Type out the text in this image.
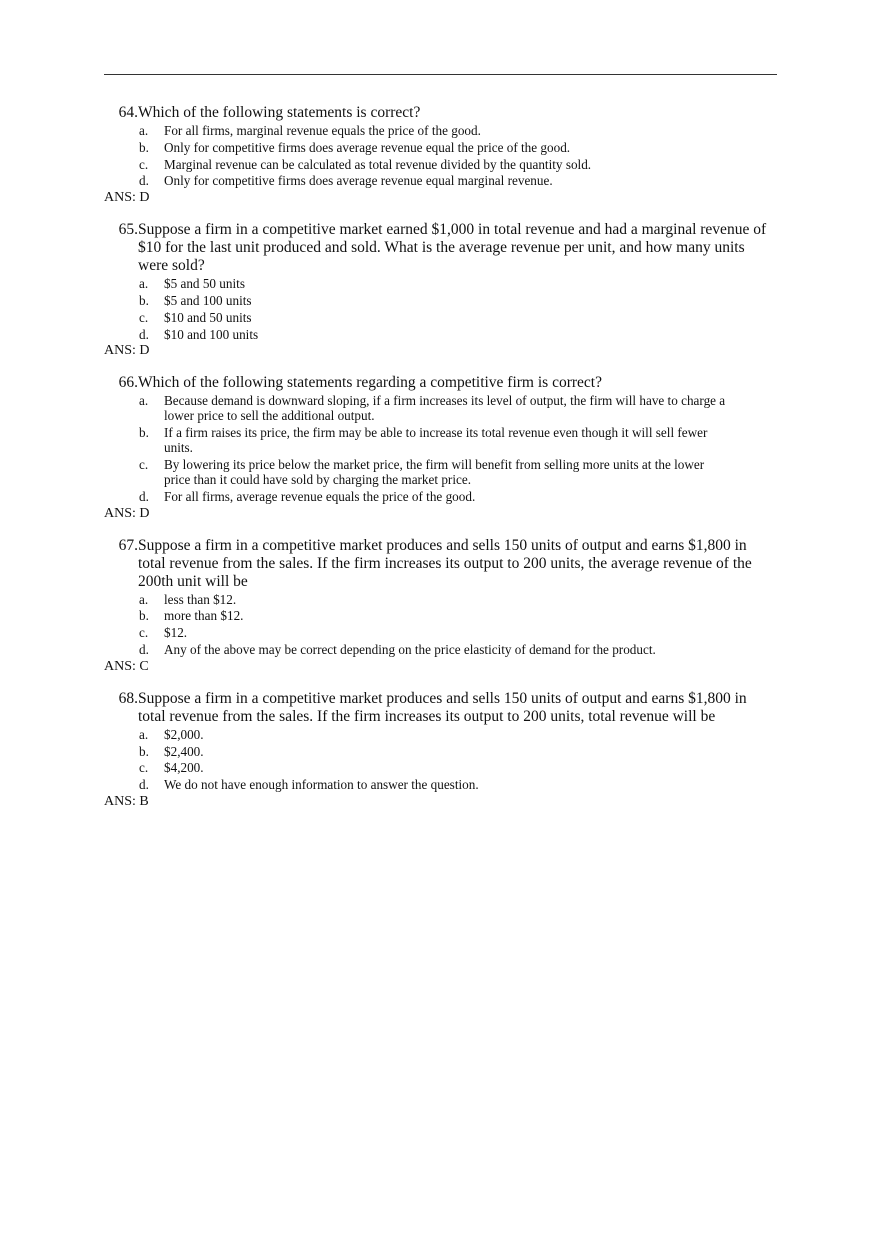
64. Which of the following statements is correct?
a.	For all firms, marginal revenue equals the price of the good.
b.	Only for competitive firms does average revenue equal the price of the good.
c.	Marginal revenue can be calculated as total revenue divided by the quantity sold.
d.	Only for competitive firms does average revenue equal marginal revenue.
ANS: D
65. Suppose a firm in a competitive market earned $1,000 in total revenue and had a marginal revenue of $10 for the last unit produced and sold. What is the average revenue per unit, and how many units were sold?
a.	$5 and 50 units
b.	$5 and 100 units
c.	$10 and 50 units
d.	$10 and 100 units
ANS: D
66. Which of the following statements regarding a competitive firm is correct?
a.	Because demand is downward sloping, if a firm increases its level of output, the firm will have to charge a lower price to sell the additional output.
b.	If a firm raises its price, the firm may be able to increase its total revenue even though it will sell fewer units.
c.	By lowering its price below the market price, the firm will benefit from selling more units at the lower price than it could have sold by charging the market price.
d.	For all firms, average revenue equals the price of the good.
ANS: D
67. Suppose a firm in a competitive market produces and sells 150 units of output and earns $1,800 in total revenue from the sales. If the firm increases its output to 200 units, the average revenue of the 200th unit will be
a.	less than $12.
b.	more than $12.
c.	$12.
d.	Any of the above may be correct depending on the price elasticity of demand for the product.
ANS: C
68. Suppose a firm in a competitive market produces and sells 150 units of output and earns $1,800 in total revenue from the sales. If the firm increases its output to 200 units, total revenue will be
a.	$2,000.
b.	$2,400.
c.	$4,200.
d.	We do not have enough information to answer the question.
ANS: B
